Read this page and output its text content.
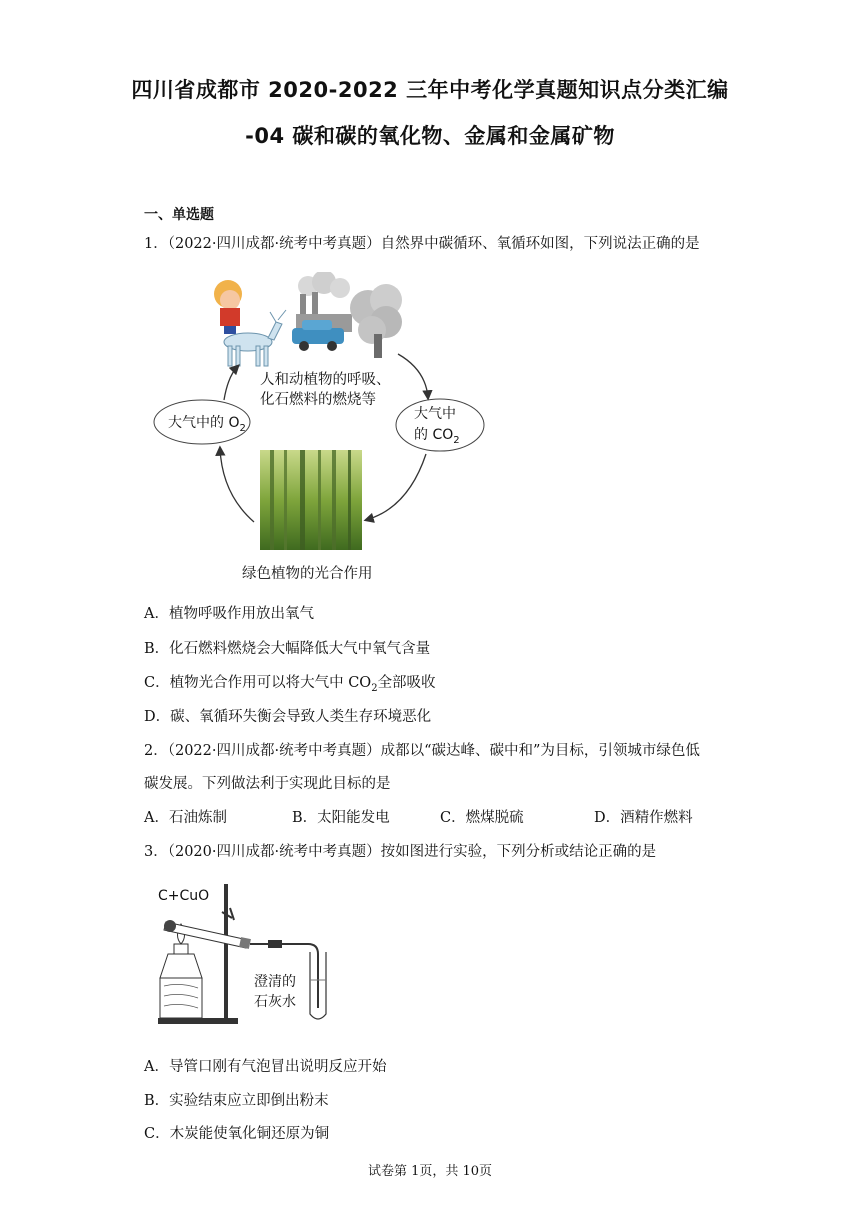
四川省成都市 2020-2022 三年中考化学真题知识点分类汇编
-04 碳和碳的氧化物、金属和金属矿物
一、单选题
1．（2022·四川成都·统考中考真题）自然界中碳循环、氧循环如图，下列说法正确的是
人和动植物的呼吸、
化石燃料的燃烧等
大气中的 $O_2$
大气中
的 $CO_2$
绿色植物的光合作用
A．植物呼吸作用放出氧气
B．化石燃料燃烧会大幅降低大气中氧气含量
C．植物光合作用可以将大气中 $CO_2$全部吸收
D．碳、氧循环失衡会导致人类生存环境恶化
2．（2022·四川成都·统考中考真题）成都以“碳达峰、碳中和”为目标，引领城市绿色低
碳发展。下列做法利于实现此目标的是
A．石油炼制	B．太阳能发电	C．燃煤脱硫	D．酒精作燃料
3．（2020·四川成都·统考中考真题）按如图进行实验，下列分析或结论正确的是
C+CuO
澄清的
石灰水
A．导管口刚有气泡冒出说明反应开始
B．实验结束应立即倒出粉末
C．木炭能使氧化铜还原为铜
试卷第 1页，共 10页
